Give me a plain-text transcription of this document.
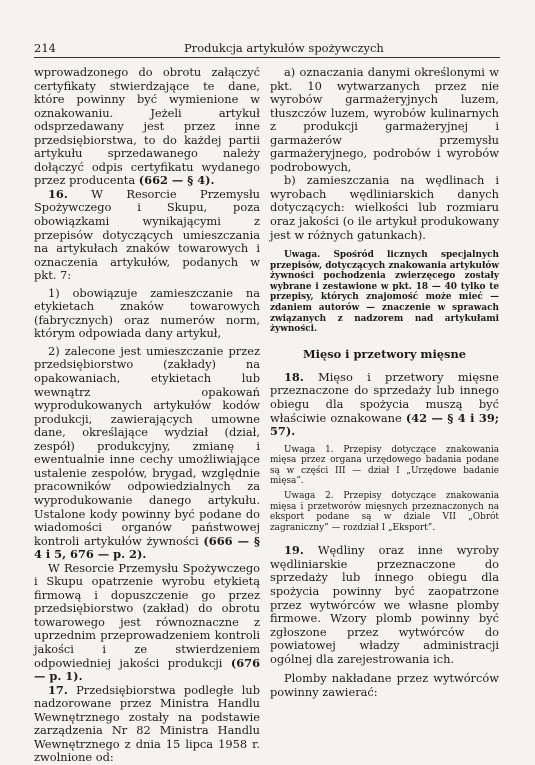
214	Produkcja artykułów spożywczych

wprowadzonego do obrotu załączyć certyfikaty stwierdzające te dane, które powinny być wymienione w oznakowaniu. Jeżeli artykuł odsprzedawany jest przez inne przedsiębiorstwa, to do każdej partii artykułu sprzedawanego należy dołączyć odpis certyfikatu wydanego przez producenta (662 — § 4).

16. W Resorcie Przemysłu Spożywczego i Skupu, poza obowiązkami wynikającymi z przepisów dotyczących umieszczania na artykułach znaków towarowych i oznaczenia artykułów, podanych w pkt. 7:

1) obowiązuje zamieszczanie na etykietach znaków towarowych (fabrycznych) oraz numerów norm, którym odpowiada dany artykuł,

2) zalecone jest umieszczanie przez przedsiębiorstwo (zakłady) na opakowaniach, etykietach lub wewnątrz opakowań wyprodukowanych artykułów kodów produkcji, zawierających umowne dane, określające wydział (dział, zespół) produkcyjny, zmianę i ewentualnie inne cechy umożliwiające ustalenie zespołów, brygad, względnie pracowników odpowiedzialnych za wyprodukowanie danego artykułu. Ustalone kody powinny być podane do wiadomości organów państwowej kontroli artykułów żywności (666 — § 4 i 5, 676 — p. 2).

W Resorcie Przemysłu Spożywczego i Skupu opatrzenie wyrobu etykietą firmową i dopuszczenie go przez przedsiębiorstwo (zakład) do obrotu towarowego jest równoznaczne z uprzednim przeprowadzeniem kontroli jakości i ze stwierdzeniem odpowiedniej jakości produkcji (676 — p. 1).

17. Przedsiębiorstwa podległe lub nadzorowane przez Ministra Handlu Wewnętrznego zostały na podstawie zarządzenia Nr 82 Ministra Handlu Wewnętrznego z dnia 15 lipca 1958 r. zwolnione od:

a) oznaczania danymi określonymi w pkt. 10 wytwarzanych przez nie wyrobów garmażeryjnych luzem, tłuszczów luzem, wyrobów kulinarnych z produkcji garmażeryjnej i garmażerów przemysłu garmażeryjnego, podrobów i wyrobów podrobowych,

b) zamieszczania na wędlinach i wyrobach wędliniarskich danych dotyczących: wielkości lub rozmiaru oraz jakości (o ile artykuł produkowany jest w różnych gatunkach).

Uwaga. Spośród licznych specjalnych przepisów, dotyczących znakowania artykułów żywności pochodzenia zwierzęcego zostały wybrane i zestawione w pkt. 18 — 40 tylko te przepisy, których znajomość może mieć — zdaniem autorów — znaczenie w sprawach związanych z nadzorem nad artykułami żywności.

Mięso i przetwory mięsne

18. Mięso i przetwory mięsne przeznaczone do sprzedaży lub innego obiegu dla spożycia muszą być właściwie oznakowane (42 — § 4 i 39; 57).

Uwaga 1. Przepisy dotyczące znakowania mięsa przez organa urzędowego badania podane są w części III — dział I „Urzędowe badanie mięsa”.

Uwaga 2. Przepisy dotyczące znakowania mięsa i przetworów mięsnych przeznaczonych na eksport podane są w dziale VII „Obrót zagraniczny” — rozdział I „Eksport”.

19. Wędliny oraz inne wyroby wędliniarskie przeznaczone do sprzedaży lub innego obiegu dla spożycia powinny być zaopatrzone przez wytwórców we własne plomby firmowe. Wzory plomb powinny być zgłoszone przez wytwórców do powiatowej władzy administracji ogólnej dla zarejestrowania ich.

Plomby nakładane przez wytwórców powinny zawierać:
